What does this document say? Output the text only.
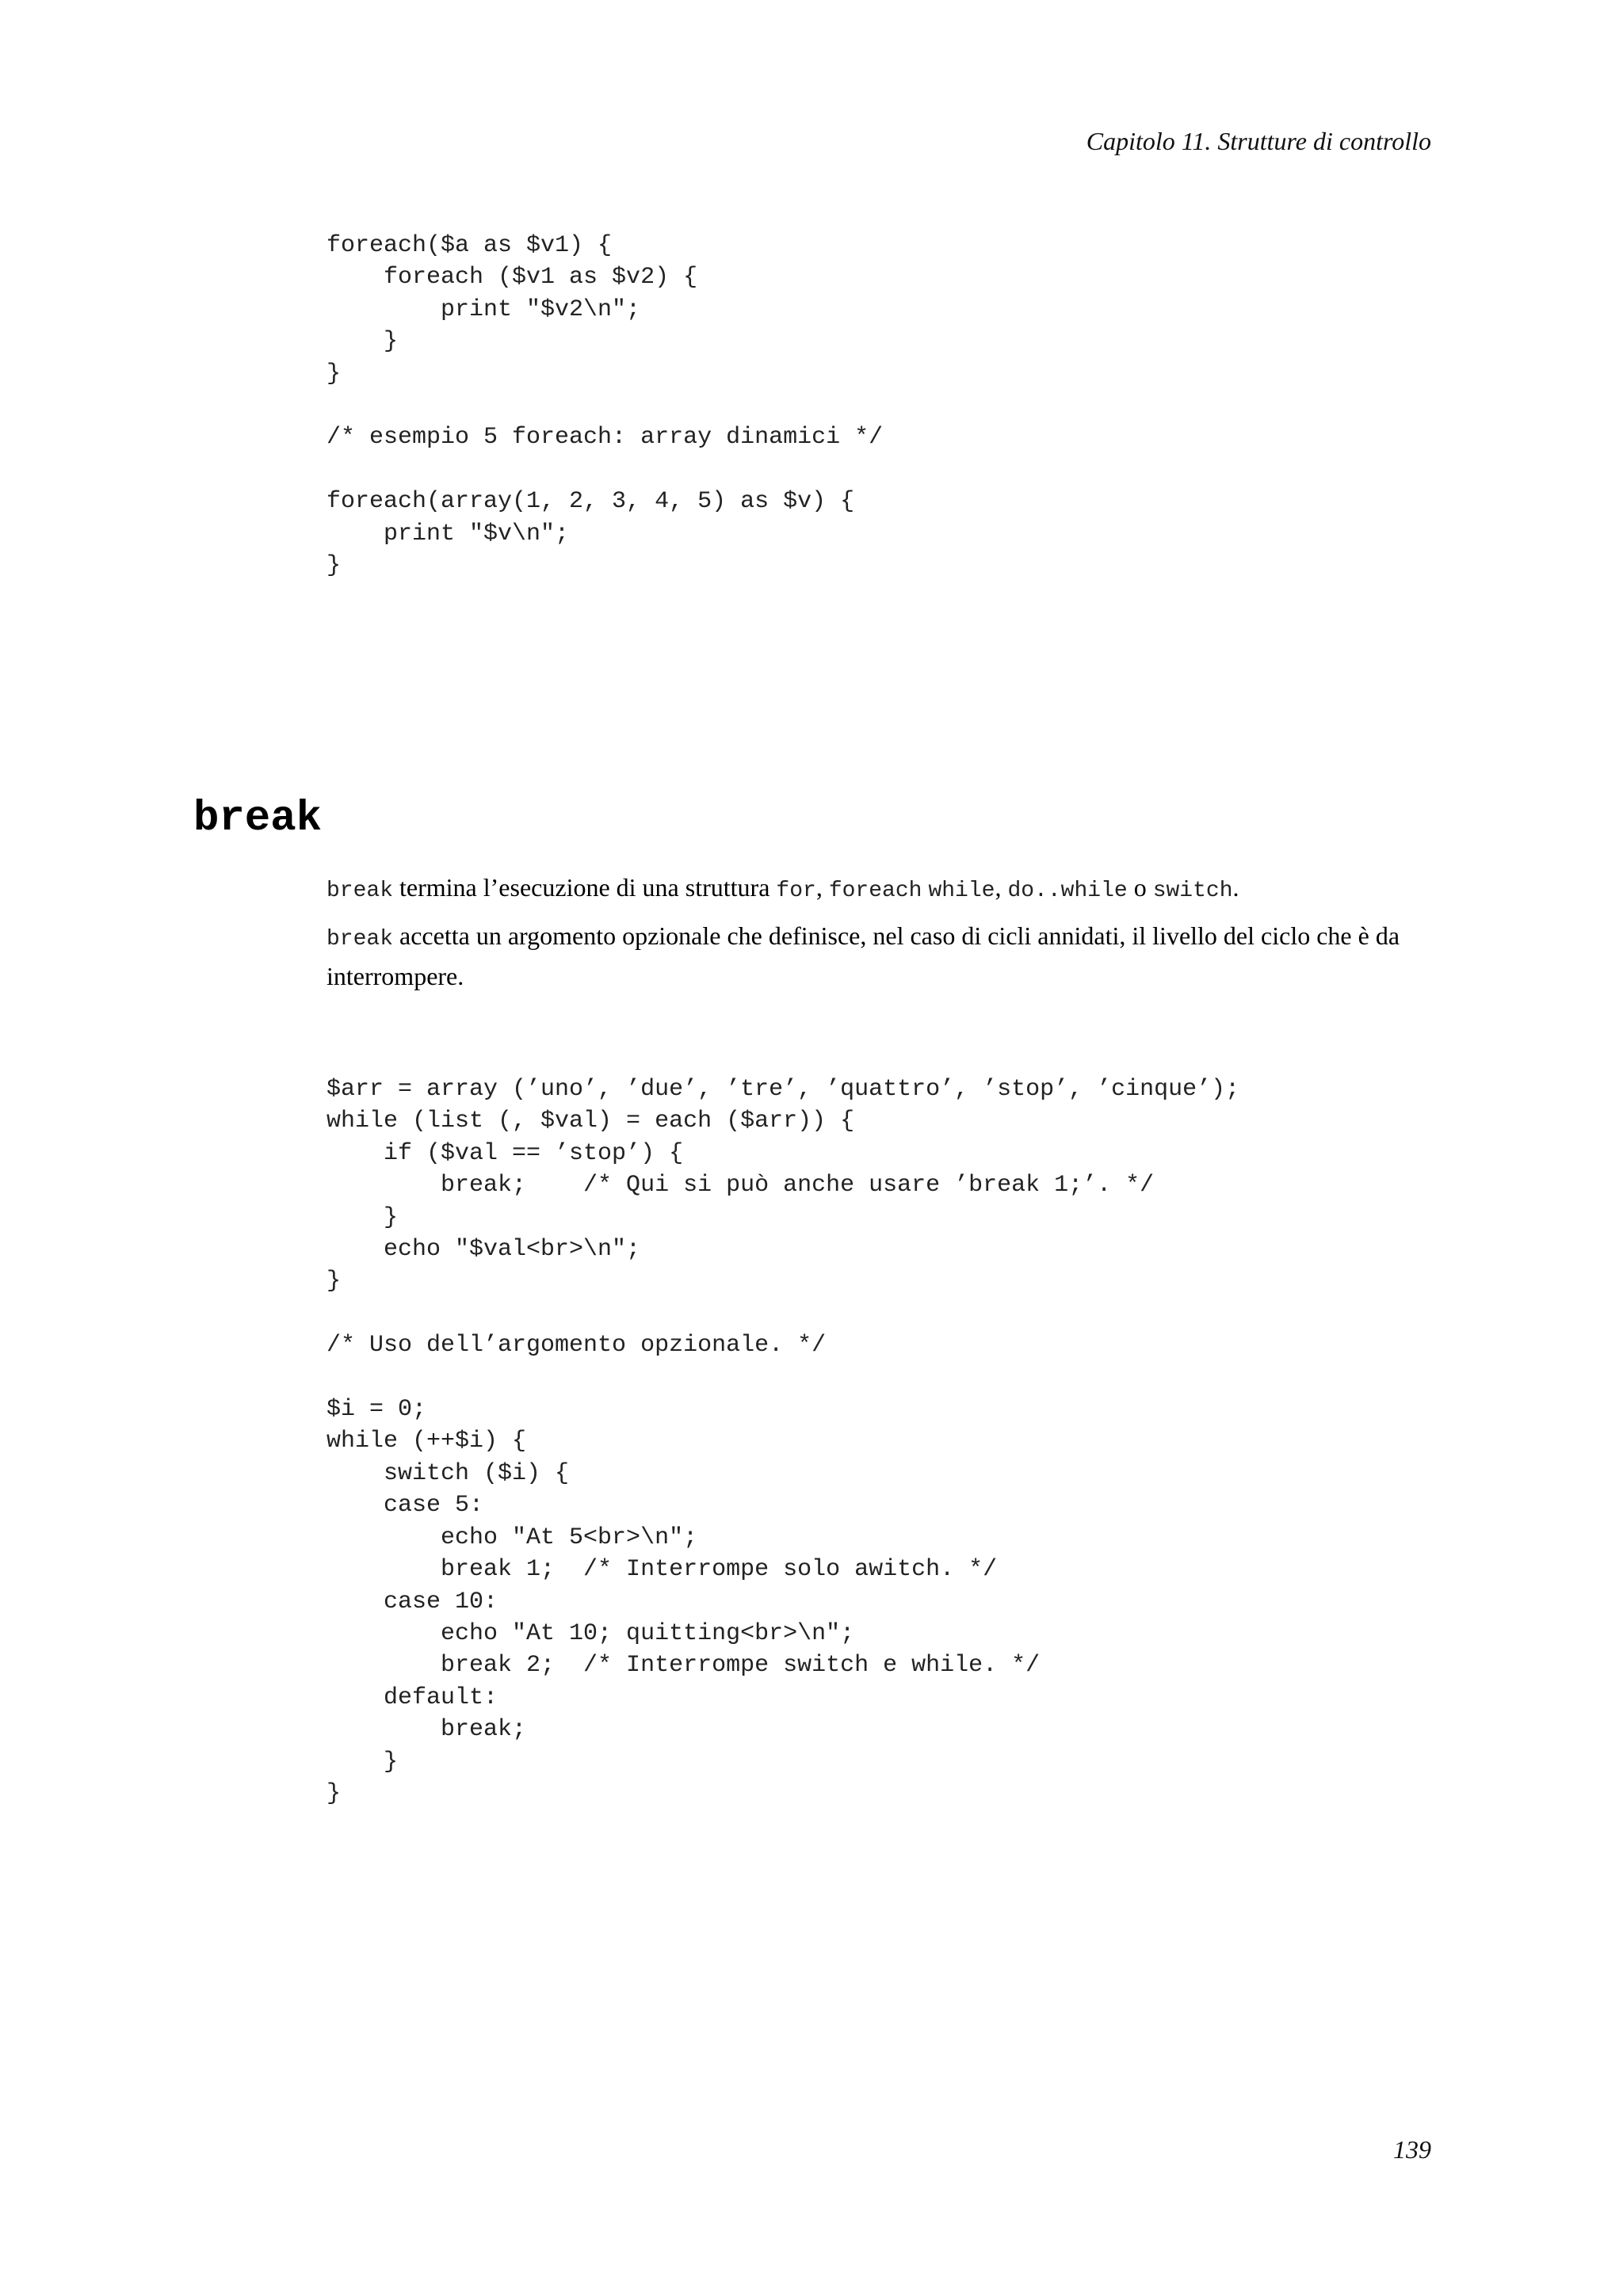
Capitolo 11. Strutture di controllo
foreach($a as $v1) {
foreach ($v1 as $v2) {
print "$v2\n";
}
}

/* esempio 5 foreach: array dinamici */

foreach(array(1, 2, 3, 4, 5) as $v) {
print "$v\n";
}
break

break termina l’esecuzione di una struttura for, foreach while, do..while o switch.

break accetta un argomento opzionale che definisce, nel caso di cicli annidati, il livello del ciclo che è da interrompere.

$arr = array (’uno’, ’due’, ’tre’, ’quattro’, ’stop’, ’cinque’);
while (list (, $val) = each ($arr)) {
if ($val == ’stop’) {
break;    /* Qui si può anche usare ’break 1;’. */
}
echo "$val<br>\n";
}

/* Uso dell’argomento opzionale. */

$i = 0;
while (++$i) {
switch ($i) {
case 5:
echo "At 5<br>\n";
break 1;  /* Interrompe solo awitch. */
case 10:
echo "At 10; quitting<br>\n";
break 2;  /* Interrompe switch e while. */
default:
break;
}
}
139
